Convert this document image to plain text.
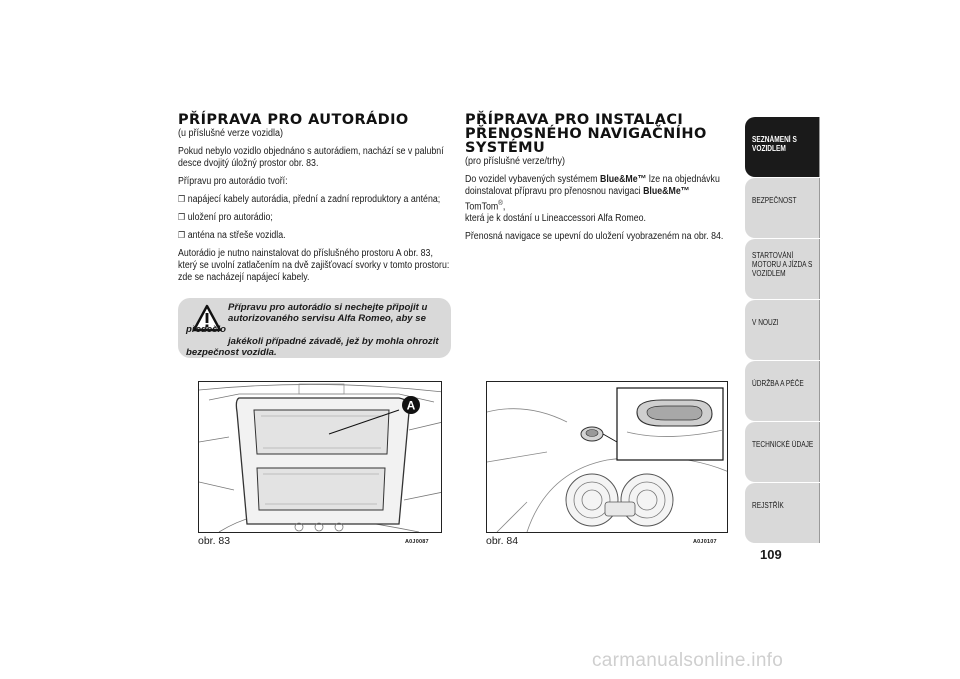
PŘÍPRAVA PRO AUTORÁDIO
(u příslušné verze vozidla)
Pokud nebylo vozidlo objednáno s autorádiem, nachází se v palubní
desce dvojitý úložný prostor obr. 83.
Přípravu pro autorádio tvoří:
❒ napájecí kabely autorádia, přední a zadní reproduktory a anténa;
❒ uložení pro autorádio;
❒ anténa na střeše vozidla.
Autorádio je nutno nainstalovat do příslušného prostoru A obr. 83,
který se uvolní zatlačením na dvě zajišťovací svorky v tomto prostoru:
zde se nacházejí napájecí kabely.
Přípravu pro autorádio si nechejte připojit u
autorizovaného servisu Alfa Romeo, aby se předešlo
jakékoli případné závadě, jež by mohla ohrozit
bezpečnost vozidla.
PŘÍPRAVA PRO INSTALACI
PŘENOSNÉHO NAVIGAČNÍHO
SYSTÉMU
(pro příslušné verze/trhy)
Do vozidel vybavených systémem Blue&Me™ lze na objednávku
doinstalovat přípravu pro přenosnou navigaci Blue&Me™ TomTom®,
která je k dostání u Lineaccessori Alfa Romeo.
Přenosná navigace se upevní do uložení vyobrazeném na obr. 84.
A
obr. 83	A0J0087	obr. 84	A0J0107
SEZNÁMENÍ S VOZIDLEM
BEZPEČNOST
STARTOVÁNÍ MOTORU A JÍZDA S VOZIDLEM
V NOUZI
ÚDRŽBA A PÉČE
TECHNICKÉ ÚDAJE
REJSTŘÍK
109
carmanualsonline.info
